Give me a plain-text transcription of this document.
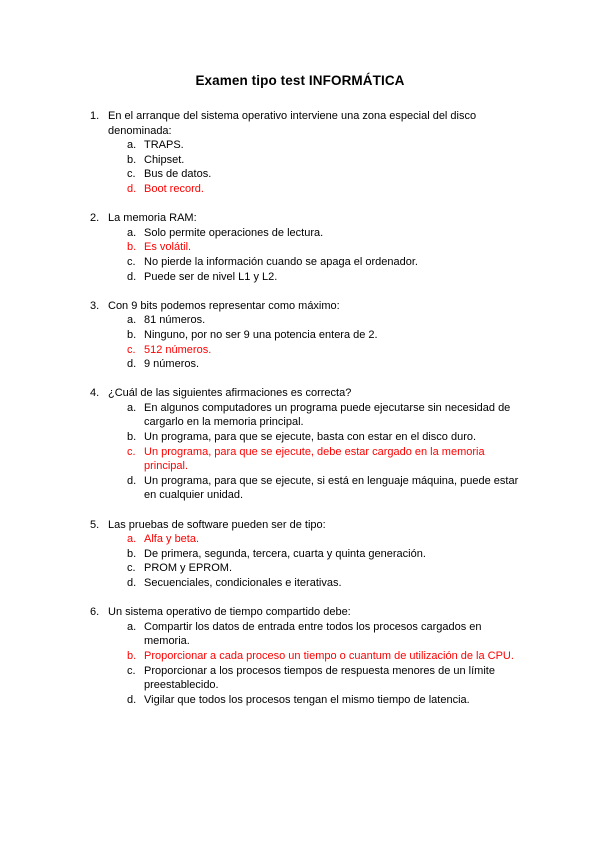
Examen tipo test INFORMÁTICA
1. En el arranque del sistema operativo interviene una zona especial del disco denominada:
a. TRAPS.
b. Chipset.
c. Bus de datos.
d. Boot record.
2. La memoria RAM:
a. Solo permite operaciones de lectura.
b. Es volátil.
c. No pierde la información cuando se apaga el ordenador.
d. Puede ser de nivel L1 y L2.
3. Con 9 bits podemos representar como máximo:
a. 81 números.
b. Ninguno, por no ser 9 una potencia entera de 2.
c. 512 números.
d. 9 números.
4. ¿Cuál de las siguientes afirmaciones es correcta?
a. En algunos computadores un programa puede ejecutarse sin necesidad de cargarlo en la memoria principal.
b. Un programa, para que se ejecute, basta con estar en el disco duro.
c. Un programa, para que se ejecute, debe estar cargado en la memoria principal.
d. Un programa, para que se ejecute, si está en lenguaje máquina, puede estar en cualquier unidad.
5. Las pruebas de software pueden ser de tipo:
a. Alfa y beta.
b. De primera, segunda, tercera, cuarta y quinta generación.
c. PROM y EPROM.
d. Secuenciales, condicionales e iterativas.
6. Un sistema operativo de tiempo compartido debe:
a. Compartir los datos de entrada entre todos los procesos cargados en memoria.
b. Proporcionar a cada proceso un tiempo o cuantum de utilización de la CPU.
c. Proporcionar a los procesos tiempos de respuesta menores de un límite preestablecido.
d. Vigilar que todos los procesos tengan el mismo tiempo de latencia.
